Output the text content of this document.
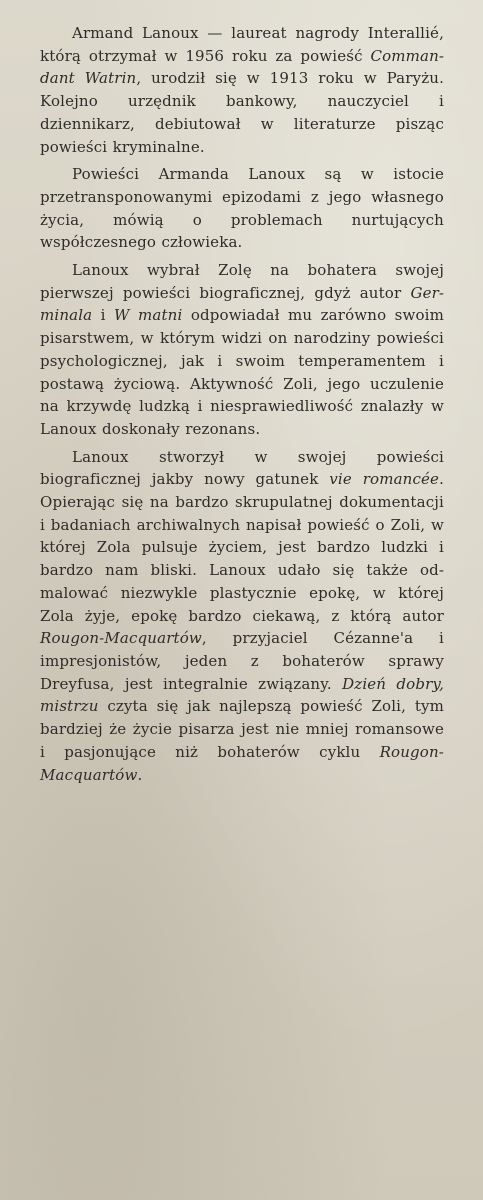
Armand Lanoux — laureat nagrody Interallié, którą otrzymał w 1956 roku za powieść Commandant Watrin, urodził się w 1913 roku w Paryżu. Kolejno urzędnik bankowy, nauczyciel i dziennikarz, debiutował w literaturze pisząc powieści kryminalne.

Powieści Armanda Lanoux są w istocie przetransponowanymi epizodami z jego własnego życia, mówią o problemach nurtujących współczesnego człowieka.

Lanoux wybrał Zolę na bohatera swojej pierwszej powieści biograficznej, gdyż autor Germinala i W matni odpowiadał mu zarówno swoim pisarstwem, w którym widzi on narodziny powieści psychologicznej, jak i swoim temperamentem i postawą życiową. Aktywność Zoli, jego uczulenie na krzywdę ludzką i niesprawiedliwość znalazły w Lanoux doskonały rezonans.

Lanoux stworzył w swojej powieści biograficznej jakby nowy gatunek vie romancée. Opierając się na bardzo skrupulatnej dokumentacji i badaniach archiwalnych napisał powieść o Zoli, w której Zola pulsuje życiem, jest bardzo ludzki i bardzo nam bliski. Lanoux udało się także odmalować niezwykle plastycznie epokę, w której Zola żyje, epokę bardzo ciekawą, z którą autor Rougon-Macquartów, przyjaciel Cézanne'a i impresjonistów, jeden z bohaterów sprawy Dreyfusa, jest integralnie związany. Dzień dobry, mistrzu czyta się jak najlepszą powieść Zoli, tym bardziej że życie pisarza jest nie mniej romansowe i pasjonujące niż bohaterów cyklu Rougon-Macquartów.
